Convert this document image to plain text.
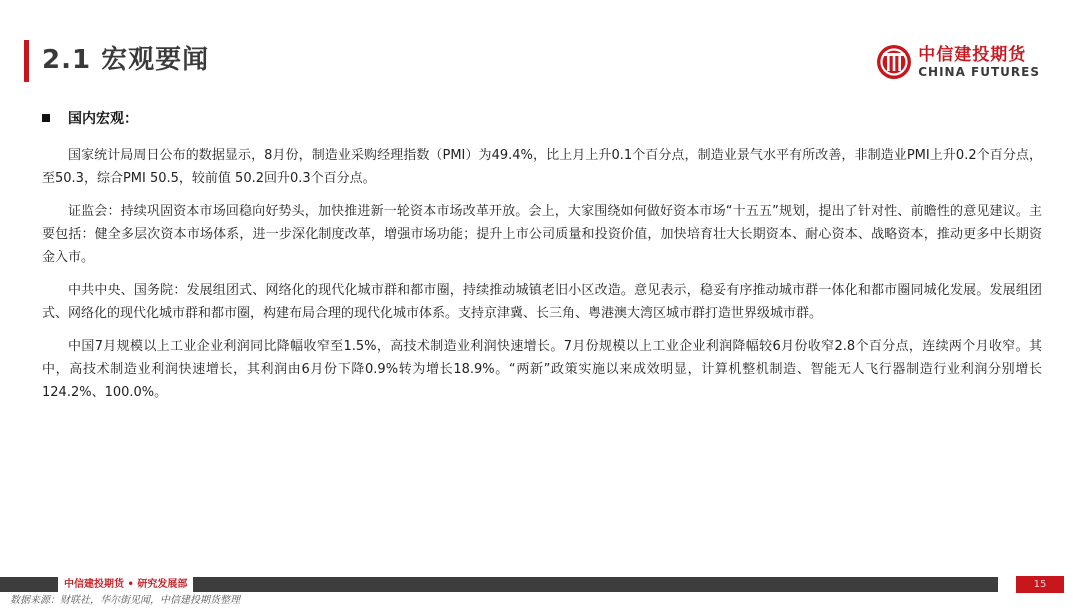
2.1 宏观要闻	中信建投期货
CHINA FUTURES
国内宏观：

国家统计局周日公布的数据显示，8月份，制造业采购经理指数（PMI）为49.4%，比上月上升0.1个百分点，制造业景气水平有所改善，非制造业PMI上升0.2个百分点，至50.3，综合PMI 50.5，较前值 50.2回升0.3个百分点。

证监会：持续巩固资本市场回稳向好势头，加快推进新一轮资本市场改革开放。会上，大家围绕如何做好资本市场“十五五”规划，提出了针对性、前瞻性的意见建议。主要包括：健全多层次资本市场体系，进一步深化制度改革，增强市场功能；提升上市公司质量和投资价值，加快培育壮大长期资本、耐心资本、战略资本，推动更多中长期资金入市。

中共中央、国务院：发展组团式、网络化的现代化城市群和都市圈，持续推动城镇老旧小区改造。意见表示，稳妥有序推动城市群一体化和都市圈同城化发展。发展组团式、网络化的现代化城市群和都市圈，构建布局合理的现代化城市体系。支持京津冀、长三角、粤港澳大湾区城市群打造世界级城市群。

中国7月规模以上工业企业利润同比降幅收窄至1.5%，高技术制造业利润快速增长。7月份规模以上工业企业利润降幅较6月份收窄2.8个百分点，连续两个月收窄。其中，高技术制造业利润快速增长，其利润由6月份下降0.9%转为增长18.9%。“两新”政策实施以来成效明显，计算机整机制造、智能无人飞行器制造行业利润分别增长124.2%、100.0%。

中信建投期货 • 研究发展部	15
数据来源：财联社，华尔街见闻，中信建投期货整理
